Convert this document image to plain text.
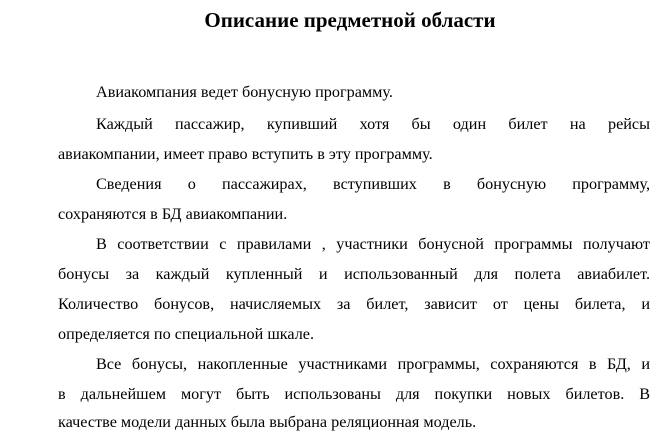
Описание предметной области

Авиакомпания ведет бонусную программу.

Каждый пассажир, купивший хотя бы один билет на рейсы

авиакомпании, имеет право вступить в эту программу.

Сведения о пассажирах, вступивших в бонусную программу,

сохраняются в БД авиакомпании.

В соответствии с правилами , участники бонусной программы получают

бонусы за каждый купленный и использованный для полета авиабилет.

Количество бонусов, начисляемых за билет, зависит от цены билета, и

определяется по специальной шкале.

Все бонусы, накопленные участниками программы, сохраняются в БД, и

в дальнейшем могут быть использованы для покупки новых билетов. В

качестве модели данных была выбрана реляционная модель.
